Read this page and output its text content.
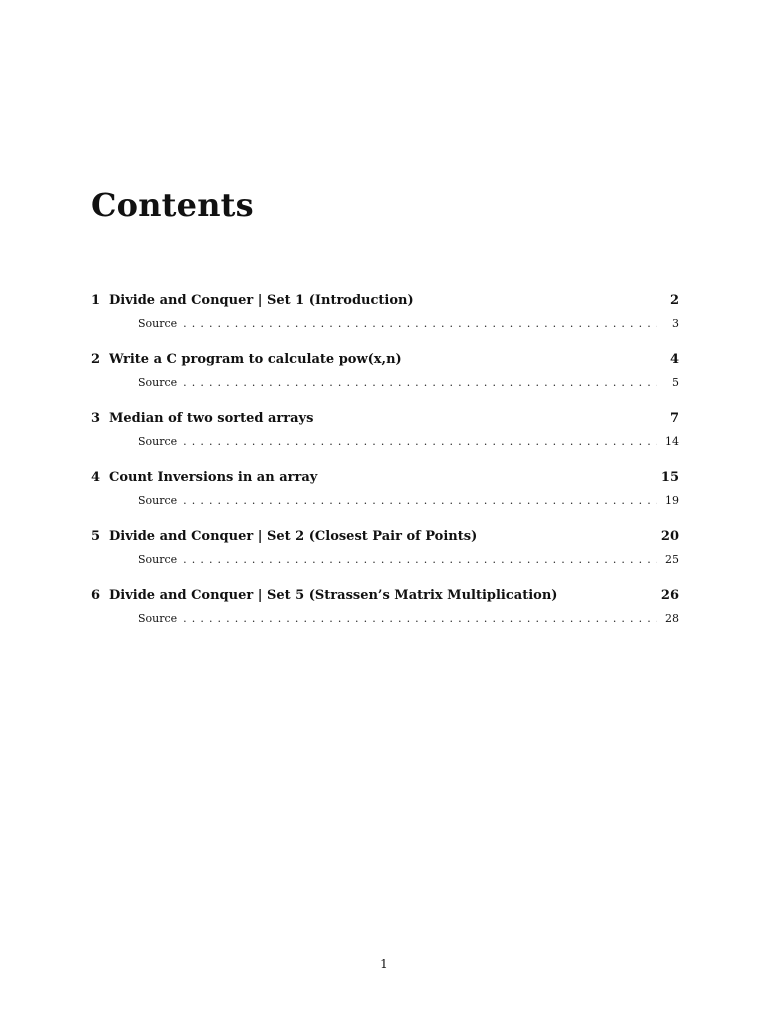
Contents
1 Divide and Conquer | Set 1 (Introduction)	2
Source . . .	3
2 Write a C program to calculate pow(x,n)	4
Source . . .	5
3 Median of two sorted arrays	7
Source . . .	14
4 Count Inversions in an array	15
Source . . .	19
5 Divide and Conquer | Set 2 (Closest Pair of Points)	20
Source . . .	25
6 Divide and Conquer | Set 5 (Strassen’s Matrix Multiplication)	26
Source . . .	28
1
